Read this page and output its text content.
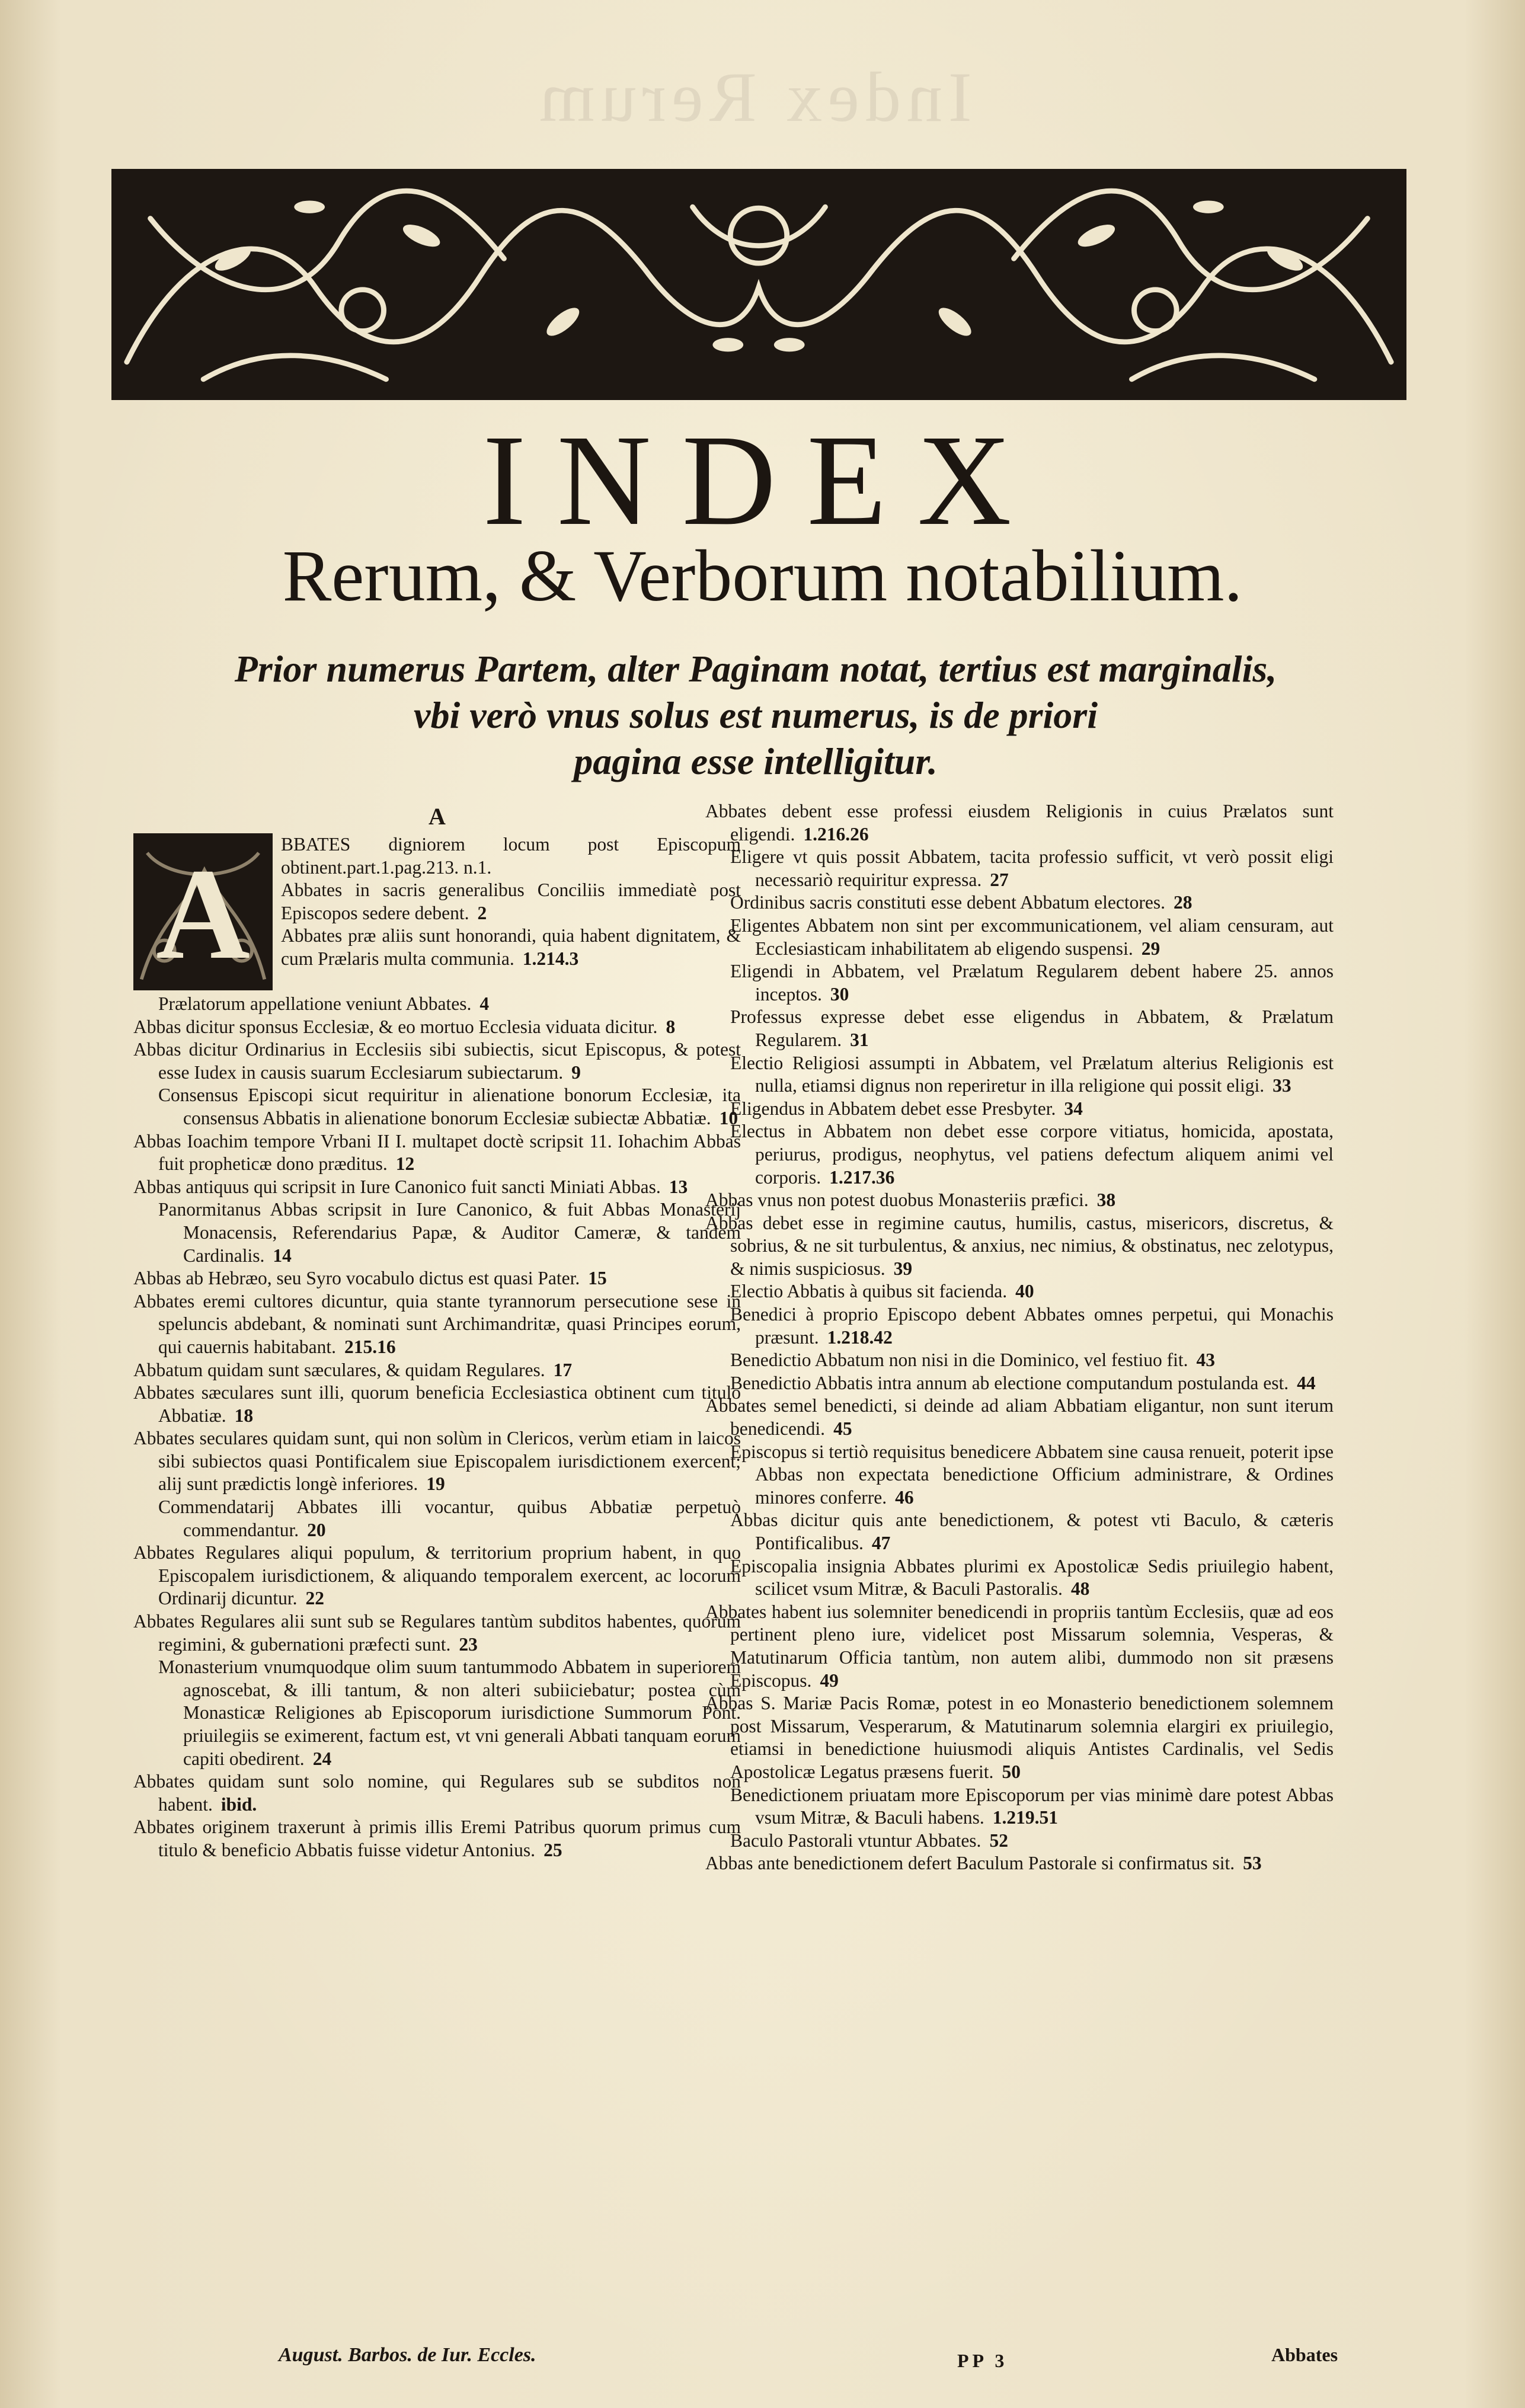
Index Rerum
INDEX
Rerum, & Verborum notabilium.
Prior numerus Partem, alter Paginam notat, tertius est marginalis,
vbi verò vnus solus est numerus, is de priori
pagina esse intelligitur.
A
A	BBATES digniorem locum post Episcopum obtinent.part.1.pag.213. n.1.
Abbates in sacris generalibus Conciliis immediatè post Episcopos sedere debent. 2
Abbates præ aliis sunt honorandi, quia habent dignitatem, & cum Prælaris multa communia. 1.214.3
Prælatorum appellatione veniunt Abbates. 4
Abbas dicitur sponsus Ecclesiæ, & eo mortuo Ecclesia viduata dicitur. 8
Abbas dicitur Ordinarius in Ecclesiis sibi subiectis, sicut Episcopus, & potest esse Iudex in causis suarum Ecclesiarum subiectarum. 9
Consensus Episcopi sicut requiritur in alienatione bonorum Ecclesiæ, ita consensus Abbatis in alienatione bonorum Ecclesiæ subiectæ Abbatiæ. 10
Abbas Ioachim tempore Vrbani II I. multapet doctè scripsit 11. Iohachim Abbas fuit propheticæ dono præditus. 12
Abbas antiquus qui scripsit in Iure Canonico fuit sancti Miniati Abbas. 13
Panormitanus Abbas scripsit in Iure Canonico, & fuit Abbas Monasterij Monacensis, Referendarius Papæ, & Auditor Cameræ, & tandem Cardinalis. 14
Abbas ab Hebræo, seu Syro vocabulo dictus est quasi Pater. 15
Abbates eremi cultores dicuntur, quia stante tyrannorum persecutione sese in speluncis abdebant, & nominati sunt Archimandritæ, quasi Principes eorum, qui cauernis habitabant. 215.16
Abbatum quidam sunt sæculares, & quidam Regulares. 17
Abbates sæculares sunt illi, quorum beneficia Ecclesiastica obtinent cum titulo Abbatiæ. 18
Abbates seculares quidam sunt, qui non solùm in Clericos, verùm etiam in laicos sibi subiectos quasi Pontificalem siue Episcopalem iurisdictionem exercent; alij sunt prædictis longè inferiores. 19
Commendatarij Abbates illi vocantur, quibus Abbatiæ perpetuò commendantur. 20
Abbates Regulares aliqui populum, & territorium proprium habent, in quo Episcopalem iurisdictionem, & aliquando temporalem exercent, ac locorum Ordinarij dicuntur. 22
Abbates Regulares alii sunt sub se Regulares tantùm subditos habentes, quorum regimini, & gubernationi præfecti sunt. 23
Monasterium vnumquodque olim suum tantummodo Abbatem in superiorem agnoscebat, & illi tantum, & non alteri subiiciebatur; postea cùm Monasticæ Religiones ab Episcoporum iurisdictione Summorum Pont. priuilegiis se eximerent, factum est, vt vni generali Abbati tanquam eorum capiti obedirent. 24
Abbates quidam sunt solo nomine, qui Regulares sub se subditos non habent. ibid.
Abbates originem traxerunt à primis illis Eremi Patribus quorum primus cum titulo & beneficio Abbatis fuisse videtur Antonius. 25
Abbates debent esse professi eiusdem Religionis in cuius Prælatos sunt eligendi. 1.216.26
Eligere vt quis possit Abbatem, tacita professio sufficit, vt verò possit eligi necessariò requiritur expressa. 27
Ordinibus sacris constituti esse debent Abbatum electores. 28
Eligentes Abbatem non sint per excommunicationem, vel aliam censuram, aut Ecclesiasticam inhabilitatem ab eligendo suspensi. 29
Eligendi in Abbatem, vel Prælatum Regularem debent habere 25. annos inceptos. 30
Professus expresse debet esse eligendus in Abbatem, & Prælatum Regularem. 31
Electio Religiosi assumpti in Abbatem, vel Prælatum alterius Religionis est nulla, etiamsi dignus non reperiretur in illa religione qui possit eligi. 33
Eligendus in Abbatem debet esse Presbyter. 34
Electus in Abbatem non debet esse corpore vitiatus, homicida, apostata, periurus, prodigus, neophytus, vel patiens defectum aliquem animi vel corporis. 1.217.36
Abbas vnus non potest duobus Monasteriis præfici. 38
Abbas debet esse in regimine cautus, humilis, castus, misericors, discretus, & sobrius, & ne sit turbulentus, & anxius, nec nimius, & obstinatus, nec zelotypus, & nimis suspiciosus. 39
Electio Abbatis à quibus sit facienda. 40
Benedici à proprio Episcopo debent Abbates omnes perpetui, qui Monachis præsunt. 1.218.42
Benedictio Abbatum non nisi in die Dominico, vel festiuo fit. 43
Benedictio Abbatis intra annum ab electione computandum postulanda est. 44
Abbates semel benedicti, si deinde ad aliam Abbatiam eligantur, non sunt iterum benedicendi. 45
Episcopus si tertiò requisitus benedicere Abbatem sine causa renueit, poterit ipse Abbas non expectata benedictione Officium administrare, & Ordines minores conferre. 46
Abbas dicitur quis ante benedictionem, & potest vti Baculo, & cæteris Pontificalibus. 47
Episcopalia insignia Abbates plurimi ex Apostolicæ Sedis priuilegio habent, scilicet vsum Mitræ, & Baculi Pastoralis. 48
Abbates habent ius solemniter benedicendi in propriis tantùm Ecclesiis, quæ ad eos pertinent pleno iure, videlicet post Missarum solemnia, Vesperas, & Matutinarum Officia tantùm, non autem alibi, dummodo non sit præsens Episcopus. 49
Abbas S. Mariæ Pacis Romæ, potest in eo Monasterio benedictionem solemnem post Missarum, Vesperarum, & Matutinarum solemnia elargiri ex priuilegio, etiamsi in benedictione huiusmodi aliquis Antistes Cardinalis, vel Sedis Apostolicæ Legatus præsens fuerit. 50
Benedictionem priuatam more Episcoporum per vias minimè dare potest Abbas vsum Mitræ, & Baculi habens. 1.219.51
Baculo Pastorali vtuntur Abbates. 52
Abbas ante benedictionem defert Baculum Pastorale si confirmatus sit. 53
August. Barbos. de Iur. Eccles.	PP 3	Abbates
